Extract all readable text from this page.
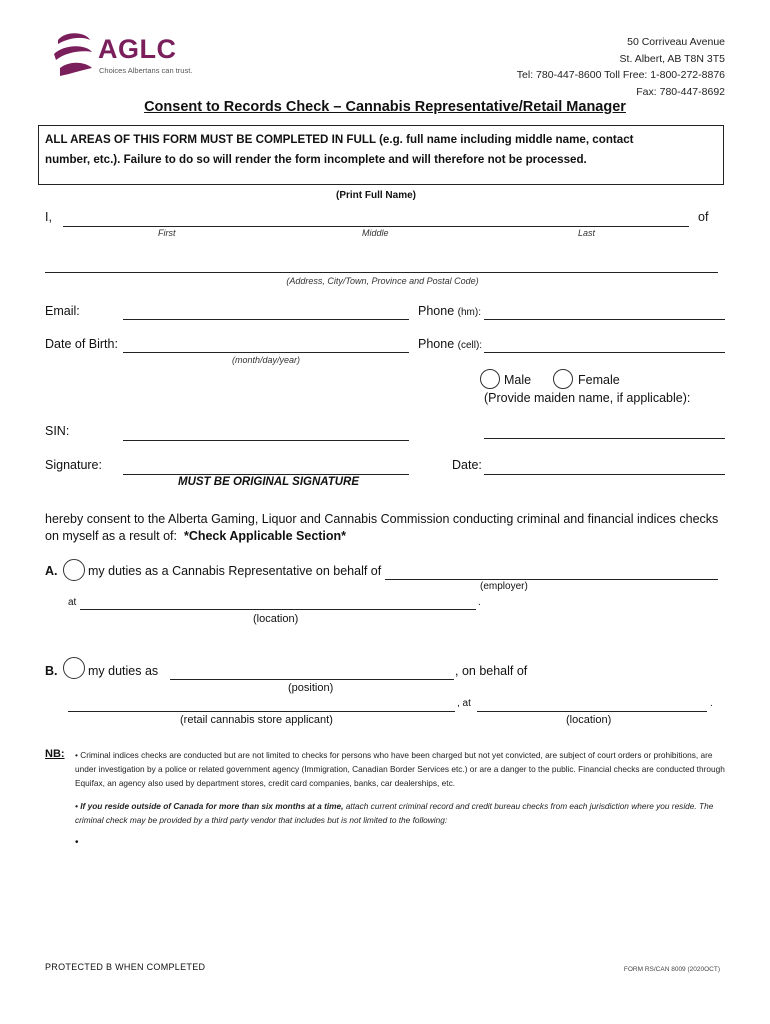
AGLC
Choices Albertans can trust.
50 Corriveau Avenue
St. Albert, AB T8N 3T5
Tel: 780-447-8600 Toll Free: 1-800-272-8876
Fax: 780-447-8692
Consent to Records Check – Cannabis Representative/Retail Manager
ALL AREAS OF THIS FORM MUST BE COMPLETED IN FULL (e.g. full name including middle name, contact
number, etc.). Failure to do so will render the form incomplete and will therefore not be processed.
(Print Full Name)
I,	of
First	Middle	Last
(Address, City/Town, Province and Postal Code)
Email:	Phone (hm):
Date of Birth:	Phone (cell):
(month/day/year)
Male	Female
(Provide maiden name, if applicable):
SIN:
Signature:
MUST BE ORIGINAL SIGNATURE
Date:
hereby consent to the Alberta Gaming, Liquor and Cannabis Commission conducting criminal and financial indices checks
on myself as a result of:  *Check Applicable Section*
A. my duties as a Cannabis Representative on behalf of
(employer)
at	.
(location)
B. my duties as	, on behalf of
(position)
, at	.
(retail cannabis store applicant)	(location)
NB: • Criminal indices checks are conducted but are not limited to checks for persons who have been charged but not yet convicted, are subject of court orders or prohibitions, are under investigation by a police or related government agency (Immigration, Canadian Border Services etc.) or are a danger to the public. Financial checks are conducted through Equifax, an agency also used by department stores, credit card companies, banks, car dealerships, etc.
• If you reside outside of Canada for more than six months at a time, attach current criminal record and credit bureau checks from each jurisdiction where you reside. The criminal check may be provided by a third party vendor that includes but is not limited to the following:
•
PROTECTED B WHEN COMPLETED	FORM RS/CAN 8009 (2020OCT)
